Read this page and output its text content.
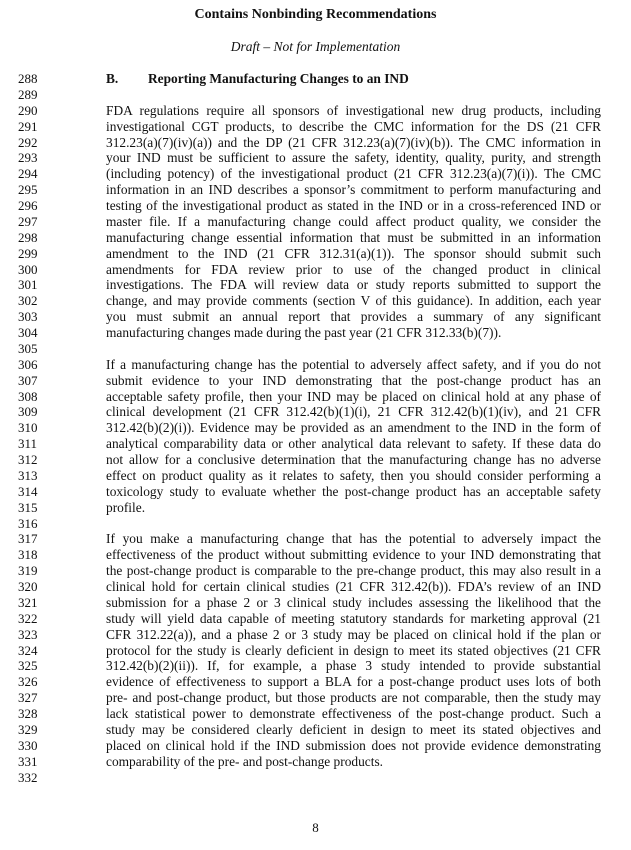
Contains Nonbinding Recommendations
Draft – Not for Implementation
288	B. Reporting Manufacturing Changes to an IND
289
290	FDA regulations require all sponsors of investigational new drug products, including
291	investigational CGT products, to describe the CMC information for the DS (21 CFR
292	312.23(a)(7)(iv)(a)) and the DP (21 CFR 312.23(a)(7)(iv)(b)). The CMC information in
293	your IND must be sufficient to assure the safety, identity, quality, purity, and strength
294	(including potency) of the investigational product (21 CFR 312.23(a)(7)(i)). The CMC
295	information in an IND describes a sponsor’s commitment to perform manufacturing and
296	testing of the investigational product as stated in the IND or in a cross-referenced IND or
297	master file. If a manufacturing change could affect product quality, we consider the
298	manufacturing change essential information that must be submitted in an information
299	amendment to the IND (21 CFR 312.31(a)(1)). The sponsor should submit such
300	amendments for FDA review prior to use of the changed product in clinical
301	investigations. The FDA will review data or study reports submitted to support the
302	change, and may provide comments (section V of this guidance). In addition, each year
303	you must submit an annual report that provides a summary of any significant
304	manufacturing changes made during the past year (21 CFR 312.33(b)(7)).
305
306	If a manufacturing change has the potential to adversely affect safety, and if you do not
307	submit evidence to your IND demonstrating that the post-change product has an
308	acceptable safety profile, then your IND may be placed on clinical hold at any phase of
309	clinical development (21 CFR 312.42(b)(1)(i), 21 CFR 312.42(b)(1)(iv), and 21 CFR
310	312.42(b)(2)(i)). Evidence may be provided as an amendment to the IND in the form of
311	analytical comparability data or other analytical data relevant to safety. If these data do
312	not allow for a conclusive determination that the manufacturing change has no adverse
313	effect on product quality as it relates to safety, then you should consider performing a
314	toxicology study to evaluate whether the post-change product has an acceptable safety
315	profile.
316
317	If you make a manufacturing change that has the potential to adversely impact the
318	effectiveness of the product without submitting evidence to your IND demonstrating that
319	the post-change product is comparable to the pre-change product, this may also result in a
320	clinical hold for certain clinical studies (21 CFR 312.42(b)). FDA’s review of an IND
321	submission for a phase 2 or 3 clinical study includes assessing the likelihood that the
322	study will yield data capable of meeting statutory standards for marketing approval (21
323	CFR 312.22(a)), and a phase 2 or 3 study may be placed on clinical hold if the plan or
324	protocol for the study is clearly deficient in design to meet its stated objectives (21 CFR
325	312.42(b)(2)(ii)). If, for example, a phase 3 study intended to provide substantial
326	evidence of effectiveness to support a BLA for a post-change product uses lots of both
327	pre- and post-change product, but those products are not comparable, then the study may
328	lack statistical power to demonstrate effectiveness of the post-change product. Such a
329	study may be considered clearly deficient in design to meet its stated objectives and
330	placed on clinical hold if the IND submission does not provide evidence demonstrating
331	comparability of the pre- and post-change products.
332
8
